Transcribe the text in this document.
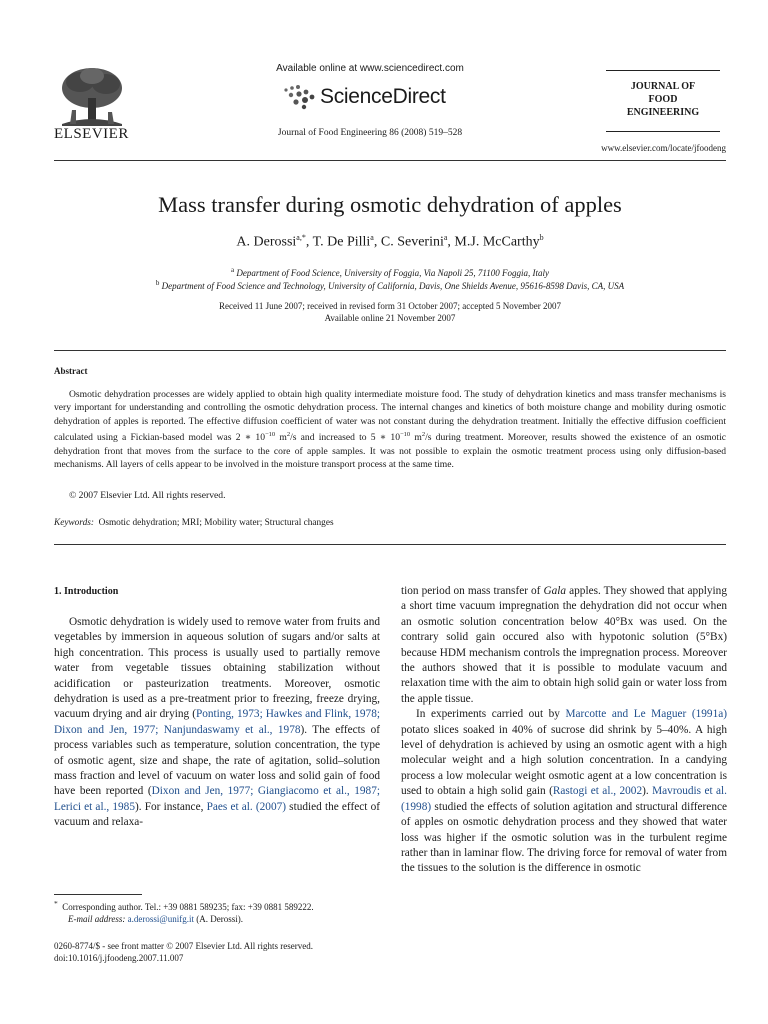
ELSEVIER
Available online at www.sciencedirect.com
ScienceDirect
Journal of Food Engineering 86 (2008) 519–528
JOURNAL OF
FOOD
ENGINEERING
www.elsevier.com/locate/jfoodeng
Mass transfer during osmotic dehydration of apples
A. Derossi$^{a,*}$, T. De Pilli$^a$, C. Severini$^a$, M.J. McCarthy$^b$
$^a$ Department of Food Science, University of Foggia, Via Napoli 25, 71100 Foggia, Italy
$^b$ Department of Food Science and Technology, University of California, Davis, One Shields Avenue, 95616-8598 Davis, CA, USA
Received 11 June 2007; received in revised form 31 October 2007; accepted 5 November 2007
Available online 21 November 2007
Abstract
Osmotic dehydration processes are widely applied to obtain high quality intermediate moisture food. The study of dehydration kinetics and mass transfer mechanisms is very important for understanding and controlling the osmotic dehydration process. The internal changes and kinetics of both moisture change and mobility during osmotic dehydration of apples is reported. The effective diffusion coefficient of water was not constant during the dehydration treatment. Initially the effective diffusion coefficient calculated using a Fickian-based model was 2 ∗ $10^{-10}$ $m^2/s$ and increased to 5 ∗ $10^{-10}$ $m^2/s$ during treatment. Moreover, results showed the existence of an osmotic dehydration front that moves from the surface to the core of apple samples. It was not possible to explain the osmotic treatment process using only diffusion-based mechanisms. All layers of cells appear to be involved in the moisture transport process at the same time.
© 2007 Elsevier Ltd. All rights reserved.
Keywords: Osmotic dehydration; MRI; Mobility water; Structural changes
1. Introduction

Osmotic dehydration is widely used to remove water from fruits and vegetables by immersion in aqueous solution of sugars and/or salts at high concentration. This process is usually used to partially remove water from vegetable tissues obtaining stabilization without acidification or pasteurization treatments. Moreover, osmotic dehydration is used as a pre-treatment prior to freezing, freeze drying, vacuum drying and air drying (Ponting, 1973; Hawkes and Flink, 1978; Dixon and Jen, 1977; Nanjundaswamy et al., 1978). The effects of process variables such as temperature, solution concentration, the type of osmotic agent, size and shape, the rate of agitation, solid–solution mass fraction and level of vacuum on water loss and solid gain of food have been reported (Dixon and Jen, 1977; Giangiacomo et al., 1987; Lerici et al., 1985). For instance, Paes et al. (2007) studied the effect of vacuum and relaxa-

tion period on mass transfer of Gala apples. They showed that applying a short time vacuum impregnation the dehydration did not occur when an osmotic solution concentration below 40°Bx was used. On the contrary solid gain occured also with hypotonic solution (5°Bx) because HDM mechanism controls the impregnation process. Moreover the authors showed that it is possible to modulate vacuum and relaxation time with the aim to obtain high solid gain or water loss from the apple tissue.

In experiments carried out by Marcotte and Le Maguer (1991a) potato slices soaked in 40% of sucrose did shrink by 5–40%. A high level of dehydration is achieved by using an osmotic agent with a high molecular weight and a high solution concentration. In a candying process a low molecular weight osmotic agent at a low concentration is used to obtain a high solid gain (Rastogi et al., 2002). Mavroudis et al. (1998) studied the effects of solution agitation and structural difference of apples on osmotic dehydration process and they showed that water loss was higher if the osmotic solution was in the turbulent regime rather than in laminar flow. The driving force for removal of water from the tissues to the solution is the difference in osmotic

* Corresponding author. Tel.: +39 0881 589235; fax: +39 0881 589222.
E-mail address: a.derossi@unifg.it (A. Derossi).
0260-8774/$ - see front matter © 2007 Elsevier Ltd. All rights reserved.
doi:10.1016/j.jfoodeng.2007.11.007
